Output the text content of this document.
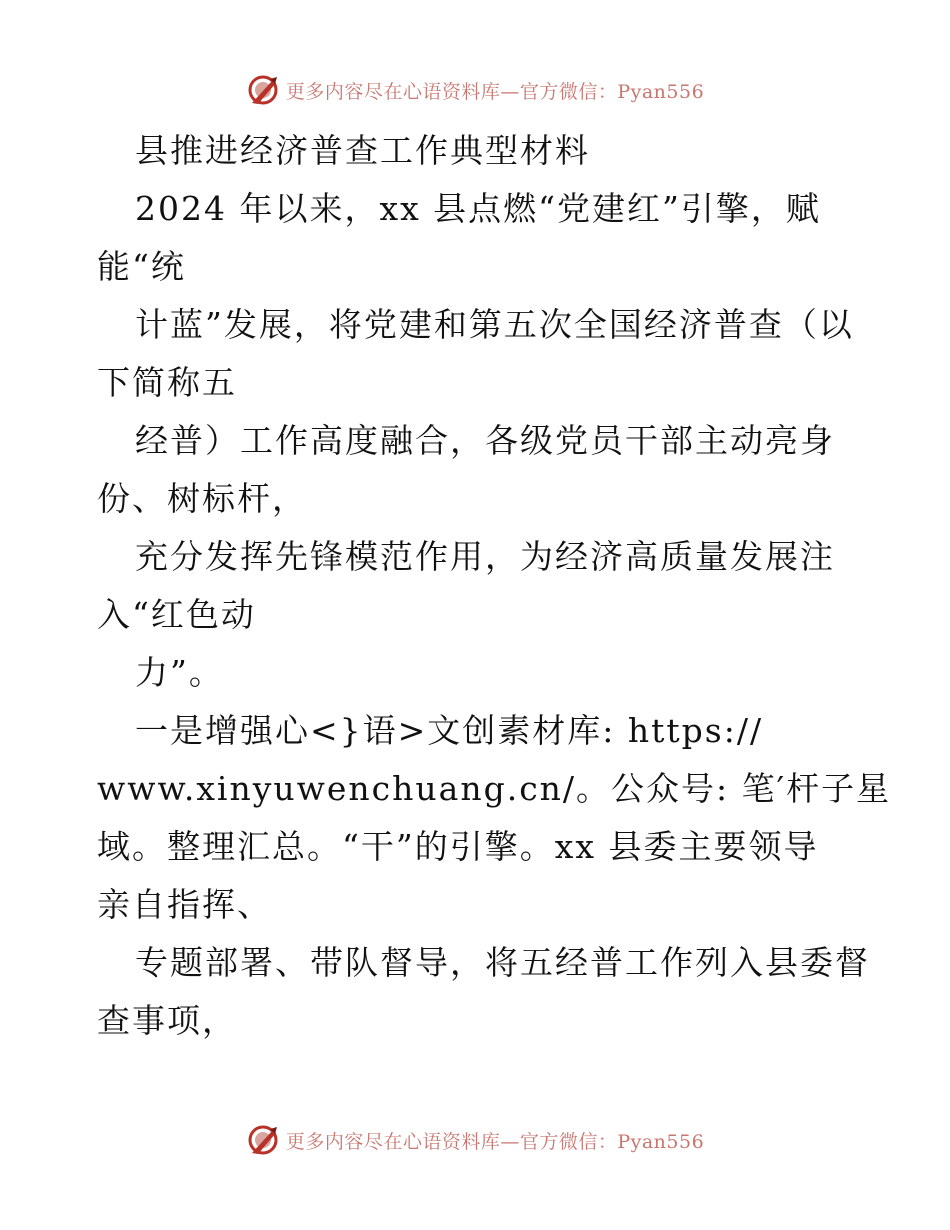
更多内容尽在心语资料库—官方微信：Pyan556
县推进经济普查工作典型材料
2024 年以来，xx 县点燃“党建红”引擎，赋
能“统
计蓝”发展，将党建和第五次全国经济普查（以
下简称五
经普）工作高度融合，各级党员干部主动亮身
份、树标杆，
充分发挥先锋模范作用，为经济高质量发展注
入“红色动
力”。
一是增强心<}语>文创素材库: https://
www.xinyuwenchuang.cn/。公众号: 笔′杆子星
域。整理汇总。“干”的引擎。xx 县委主要领导
亲自指挥、
专题部署、带队督导，将五经普工作列入县委督
查事项，
更多内容尽在心语资料库—官方微信：Pyan556
